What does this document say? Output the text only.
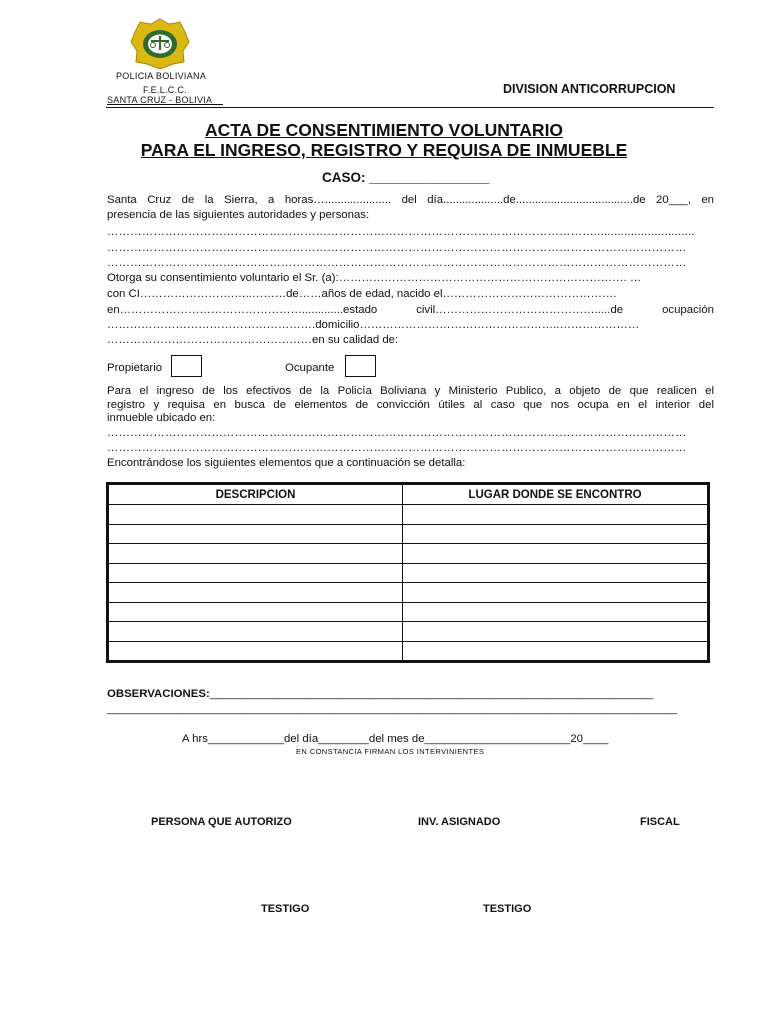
POLICIA BOLIVIANA
F.E.L.C.C.
SANTA CRUZ - BOLIVIA__
DIVISION ANTICORRUPCION
ACTA DE CONSENTIMIENTO VOLUNTARIO
PARA EL INGRESO, REGISTRO Y REQUISA DE INMUEBLE
CASO: ________________
Santa Cruz de la Sierra, a horas…..................... del día...................de.....................................de 20___, en
presencia de las siguientes autoridades y personas:
………………………………………………………………………………………………………………..............................
……………………………………………………………………………………………………………………………………
……………………………………………………………………………………………………………………………………
Otorga su consentimiento voluntario el Sr. (a):…………………………………………………………………. …
con CI…………………….…..………de……años de edad, nacido el……………………………………….
en………………………………………….............estado civil…………………………………….....de ocupación
……………………………………………….domicilio……………………………………………..…………………
………………………………………………en su calidad de:
Propietario	Ocupante
Para el ingreso de los efectivos de la Policía Boliviana y Ministerio Publico, a objeto de que realicen el
registro y requisa en busca de elementos de convicción útiles al caso que nos ocupa en el interior del
inmueble ubicado en:
……………………………………………………………………………………………………………………………………
……………………………………………………………………………………………………………………………………
Encontrándose los siguientes elementos que a continuación se detalla:
DESCRIPCION	LUGAR DONDE SE ENCONTRO

OBSERVACIONES:______________________________________________________________________
__________________________________________________________________________________________
A hrs____________del día________del mes de_______________________20____
EN CONSTANCIA FIRMAN LOS INTERVINIENTES
PERSONA QUE AUTORIZO	INV. ASIGNADO	FISCAL
TESTIGO	TESTIGO
